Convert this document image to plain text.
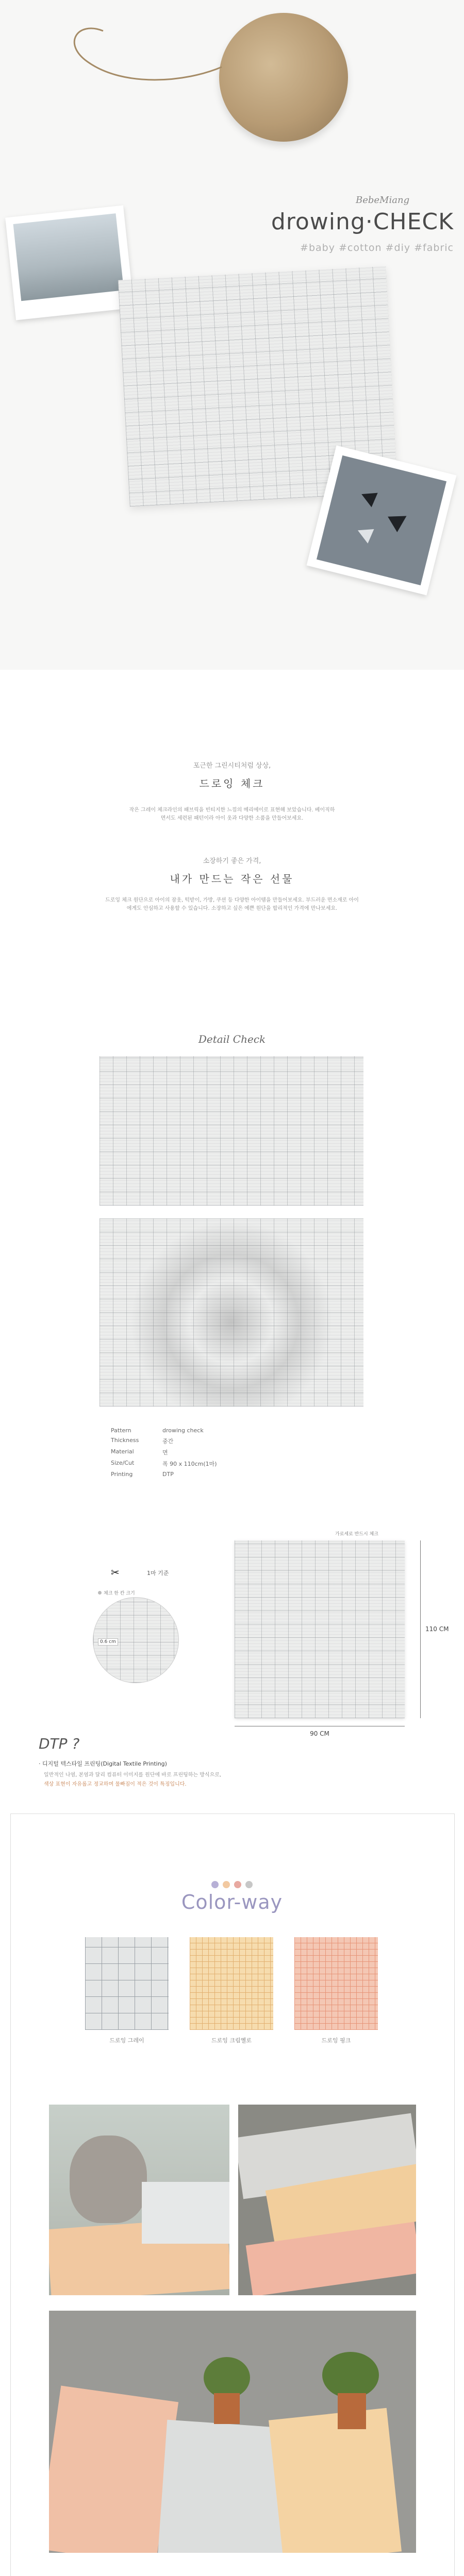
BebeMiang
drowing·CHECK
#baby #cotton #diy #fabric
포근한 그린시티처럼 상상,
드로잉 체크
작은 그레이 체크라인의 패브릭을 빈티지한 느낌의 메리에이로 표현해 보았습니다. 베이직하면서도 세련된 패턴이라 아이 옷과 다양한 소품을 만들어보세요.
소장하기 좋은 가격,
내가 만드는 작은 선물
드로잉 체크 원단으로 아이의 잠옷, 턱받이, 가방, 쿠션 등 다양한 아이템을 만들어보세요. 부드러운 면소재로 아이에게도 안심하고 사용할 수 있습니다. 소장하고 싶은 예쁜 원단을 합리적인 가격에 만나보세요.
Detail Check
Pattern	drowing check
Thickness	중간
Material	면
Size/Cut	폭 90 x 110cm(1마)
Printing	DTP
✂	1마 기준
체크 한 칸 크기
0.6 cm
가로세로 반드시 체크
110 CM
90 CM
DTP ?
· 디지털 텍스타일 프린팅(Digital Textile Printing)
일반적인 나염, 본염과 달리 컴퓨터 이미지를 원단에 바로 프린팅하는 방식으로,
색상 표현이 자유롭고 정교하며 물빠짐이 적은 것이 특징입니다.
Color-way
드로잉 그레이	드로잉 크림옐로	드로잉 핑크
